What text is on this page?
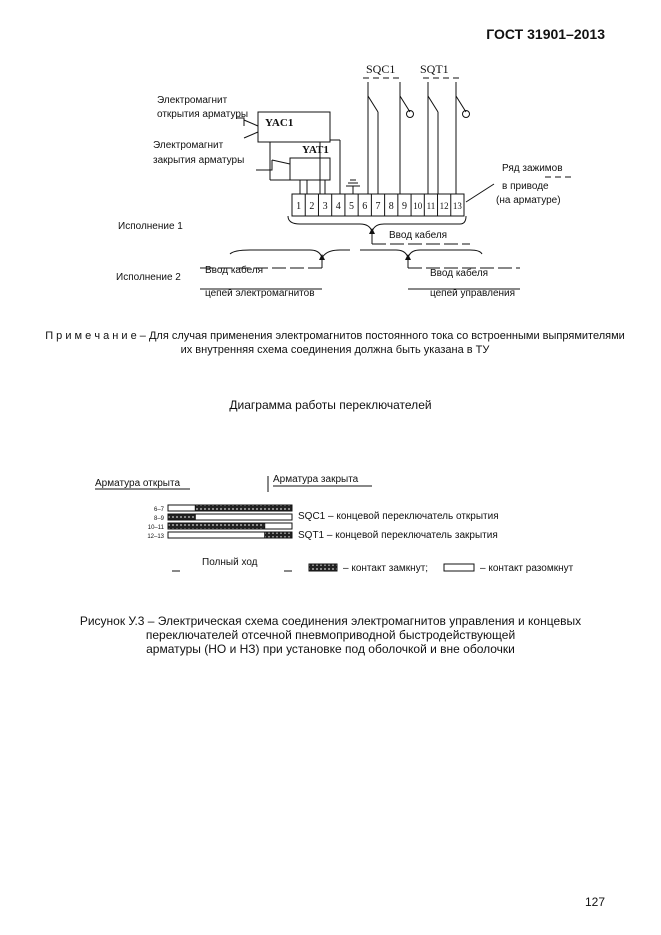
ГОСТ 31901–2013
1 2 3 4 5 6 7 8 9 10 11 12 13
YAC1
YAT1
SQC1 SQT1
Электромагнит
открытия арматуры
Электромагнит
закрытия арматуры
Ряд зажимов
в приводе
(на арматуре)
Исполнение 1
Ввод кабеля
Исполнение 2
Ввод кабеля
цепей электромагнитов
Ввод кабеля
цепей управления
Арматура открыта	Арматура закрыта
6–7
8–9
10–11
12–13
SQC1 – концевой переключатель открытия
SQT1 – концевой переключатель закрытия
Полный ход
– контакт замкнут;	– контакт разомкнут
П р и м е ч а н и е – Для случая применения электромагнитов постоянного тока со встроенными выпрямителями их внутренняя схема соединения должна быть указана в ТУ
Диаграмма работы переключателей
Рисунок У.3 – Электрическая схема соединения электромагнитов управления и концевых
переключателей отсечной пневмоприводной быстродействующей
арматуры (НО и НЗ) при установке под оболочкой и вне оболочки
127
